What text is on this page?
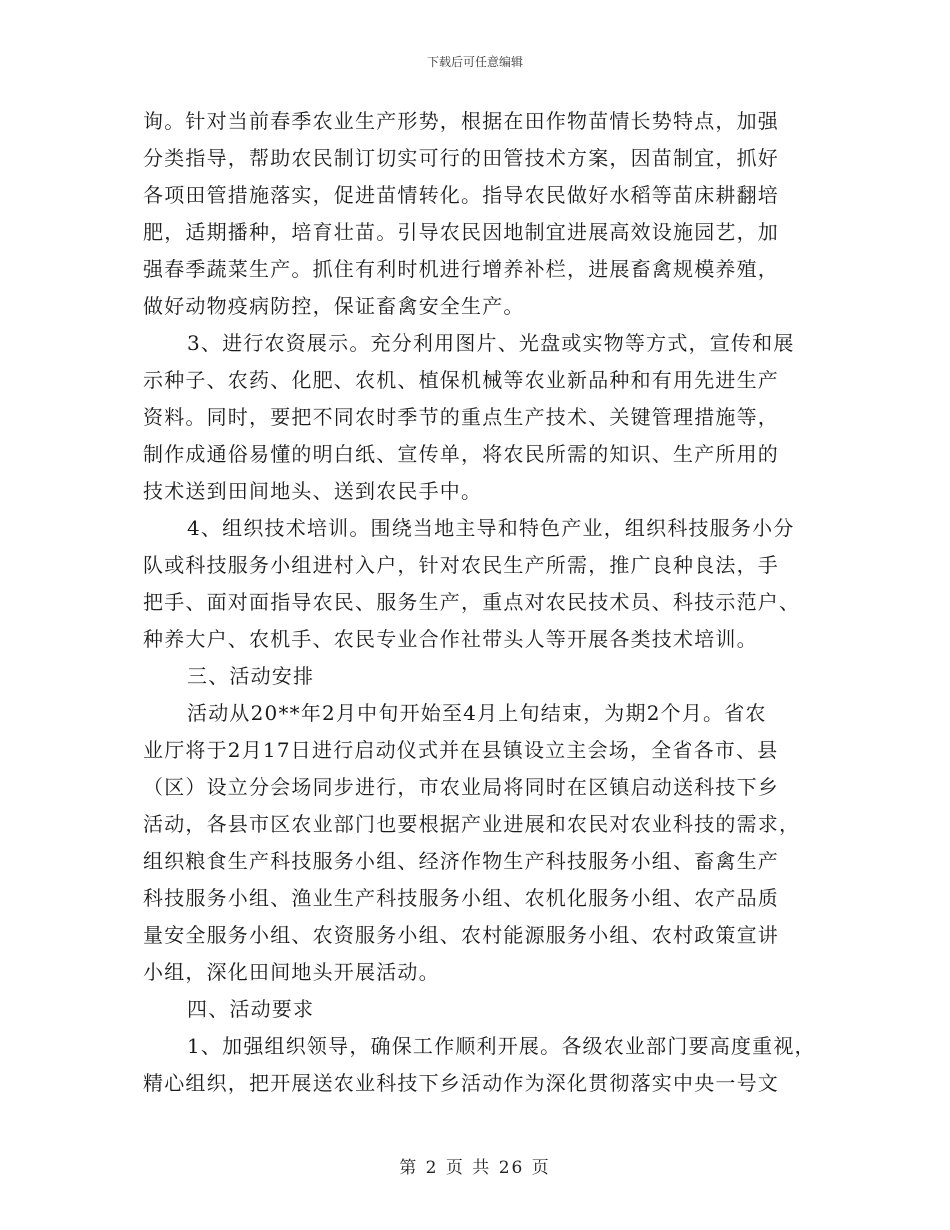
下载后可任意编辑
询。针对当前春季农业生产形势，根据在田作物苗情长势特点，加强
分类指导，帮助农民制订切实可行的田管技术方案，因苗制宜，抓好
各项田管措施落实，促进苗情转化。指导农民做好水稻等苗床耕翻培
肥，适期播种，培育壮苗。引导农民因地制宜进展高效设施园艺，加
强春季蔬菜生产。抓住有利时机进行增养补栏，进展畜禽规模养殖，
做好动物疫病防控，保证畜禽安全生产。
3、进行农资展示。充分利用图片、光盘或实物等方式，宣传和展
示种子、农药、化肥、农机、植保机械等农业新品种和有用先进生产
资料。同时，要把不同农时季节的重点生产技术、关键管理措施等，
制作成通俗易懂的明白纸、宣传单，将农民所需的知识、生产所用的
技术送到田间地头、送到农民手中。
4、组织技术培训。围绕当地主导和特色产业，组织科技服务小分
队或科技服务小组进村入户，针对农民生产所需，推广良种良法，手
把手、面对面指导农民、服务生产，重点对农民技术员、科技示范户、
种养大户、农机手、农民专业合作社带头人等开展各类技术培训。
三、活动安排
活动从20**年2月中旬开始至4月上旬结束，为期2个月。省农
业厅将于2月17日进行启动仪式并在县镇设立主会场，全省各市、县
（区）设立分会场同步进行，市农业局将同时在区镇启动送科技下乡
活动，各县市区农业部门也要根据产业进展和农民对农业科技的需求，
组织粮食生产科技服务小组、经济作物生产科技服务小组、畜禽生产
科技服务小组、渔业生产科技服务小组、农机化服务小组、农产品质
量安全服务小组、农资服务小组、农村能源服务小组、农村政策宣讲
小组，深化田间地头开展活动。
四、活动要求
1、加强组织领导，确保工作顺利开展。各级农业部门要高度重视，
精心组织，把开展送农业科技下乡活动作为深化贯彻落实中央一号文
第 2 页 共 26 页
